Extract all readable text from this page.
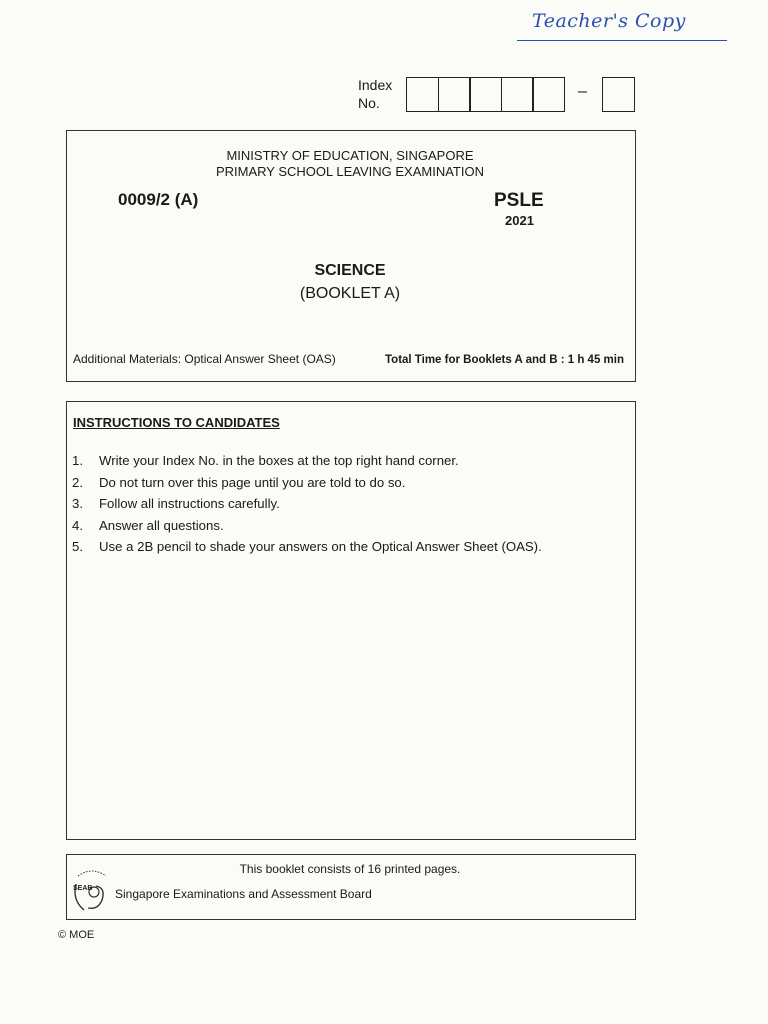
Teacher's Copy
Index
No.
–
MINISTRY OF EDUCATION, SINGAPORE
PRIMARY SCHOOL LEAVING EXAMINATION
0009/2 (A)	PSLE
2021
SCIENCE
(BOOKLET A)
Additional Materials: Optical Answer Sheet (OAS)	Total Time for Booklets A and B : 1 h 45 min
INSTRUCTIONS TO CANDIDATES
1.	Write your Index No. in the boxes at the top right hand corner.
2.	Do not turn over this page until you are told to do so.
3.	Follow all instructions carefully.
4.	Answer all questions.
5.	Use a 2B pencil to shade your answers on the Optical Answer Sheet (OAS).
This booklet consists of 16 printed pages.
SEAB Singapore Examinations and Assessment Board
© MOE
